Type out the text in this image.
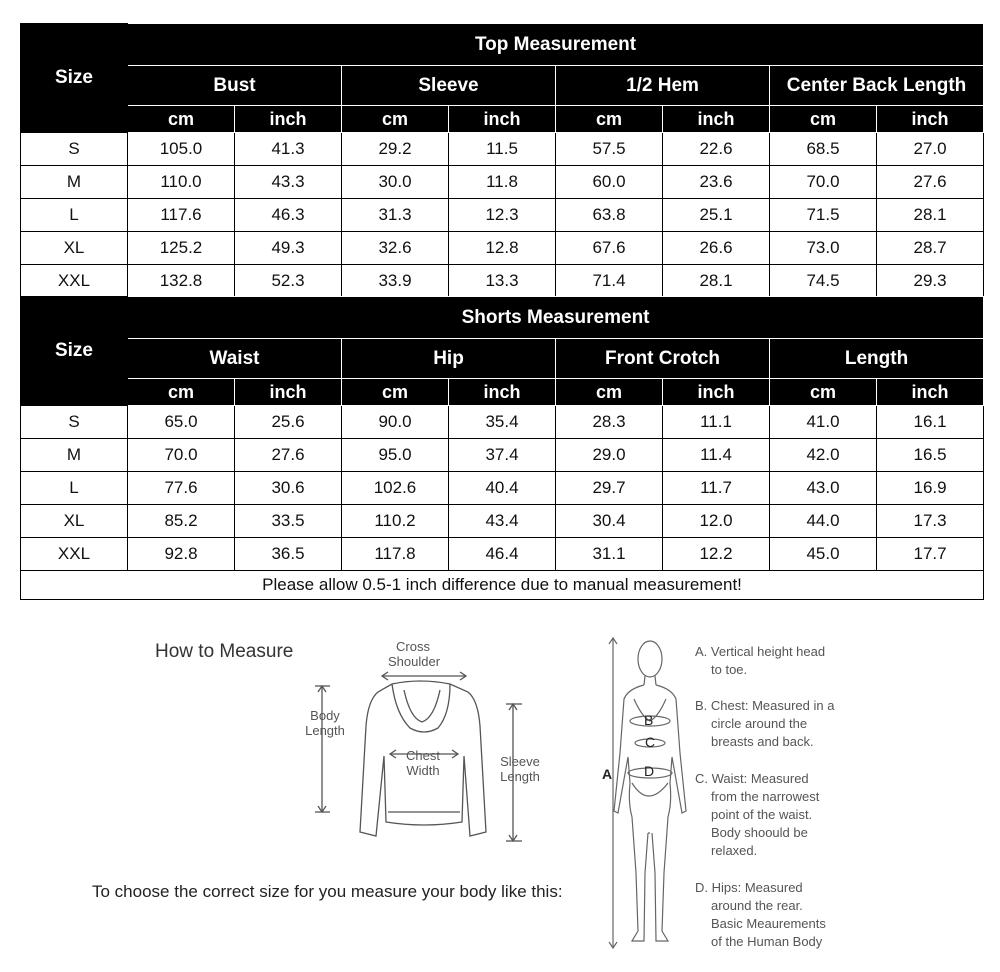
Size	Top Measurement							
	Bust		Sleeve		1/2 Hem		Center Back Length	
	cm	inch	cm	inch	cm	inch	cm	inch
S	105.0	41.3	29.2	11.5	57.5	22.6	68.5	27.0
M	110.0	43.3	30.0	11.8	60.0	23.6	70.0	27.6
L	117.6	46.3	31.3	12.3	63.8	25.1	71.5	28.1
XL	125.2	49.3	32.6	12.8	67.6	26.6	73.0	28.7
XXL	132.8	52.3	33.9	13.3	71.4	28.1	74.5	29.3
Size	Shorts Measurement							
	Waist		Hip		Front Crotch		Length	
	cm	inch	cm	inch	cm	inch	cm	inch
S	65.0	25.6	90.0	35.4	28.3	11.1	41.0	16.1
M	70.0	27.6	95.0	37.4	29.0	11.4	42.0	16.5
L	77.6	30.6	102.6	40.4	29.7	11.7	43.0	16.9
XL	85.2	33.5	110.2	43.4	30.4	12.0	44.0	17.3
XXL	92.8	36.5	117.8	46.4	31.1	12.2	45.0	17.7
Please allow 0.5-1 inch difference due to manual measurement!								
How to Measure	Cross
Shoulder
Body
Length
Chest
Width
Sleeve
Length
To choose the correct size for you measure your body like this:
A
B
C
D
A. Vertical height head
to toe.
B. Chest: Measured in a
circle around the
breasts and back.
C. Waist: Measured
from the narrowest
point of the waist.
Body shoould be
relaxed.
D. Hips: Measured
around the rear.
Basic Meaurements
of the Human Body
